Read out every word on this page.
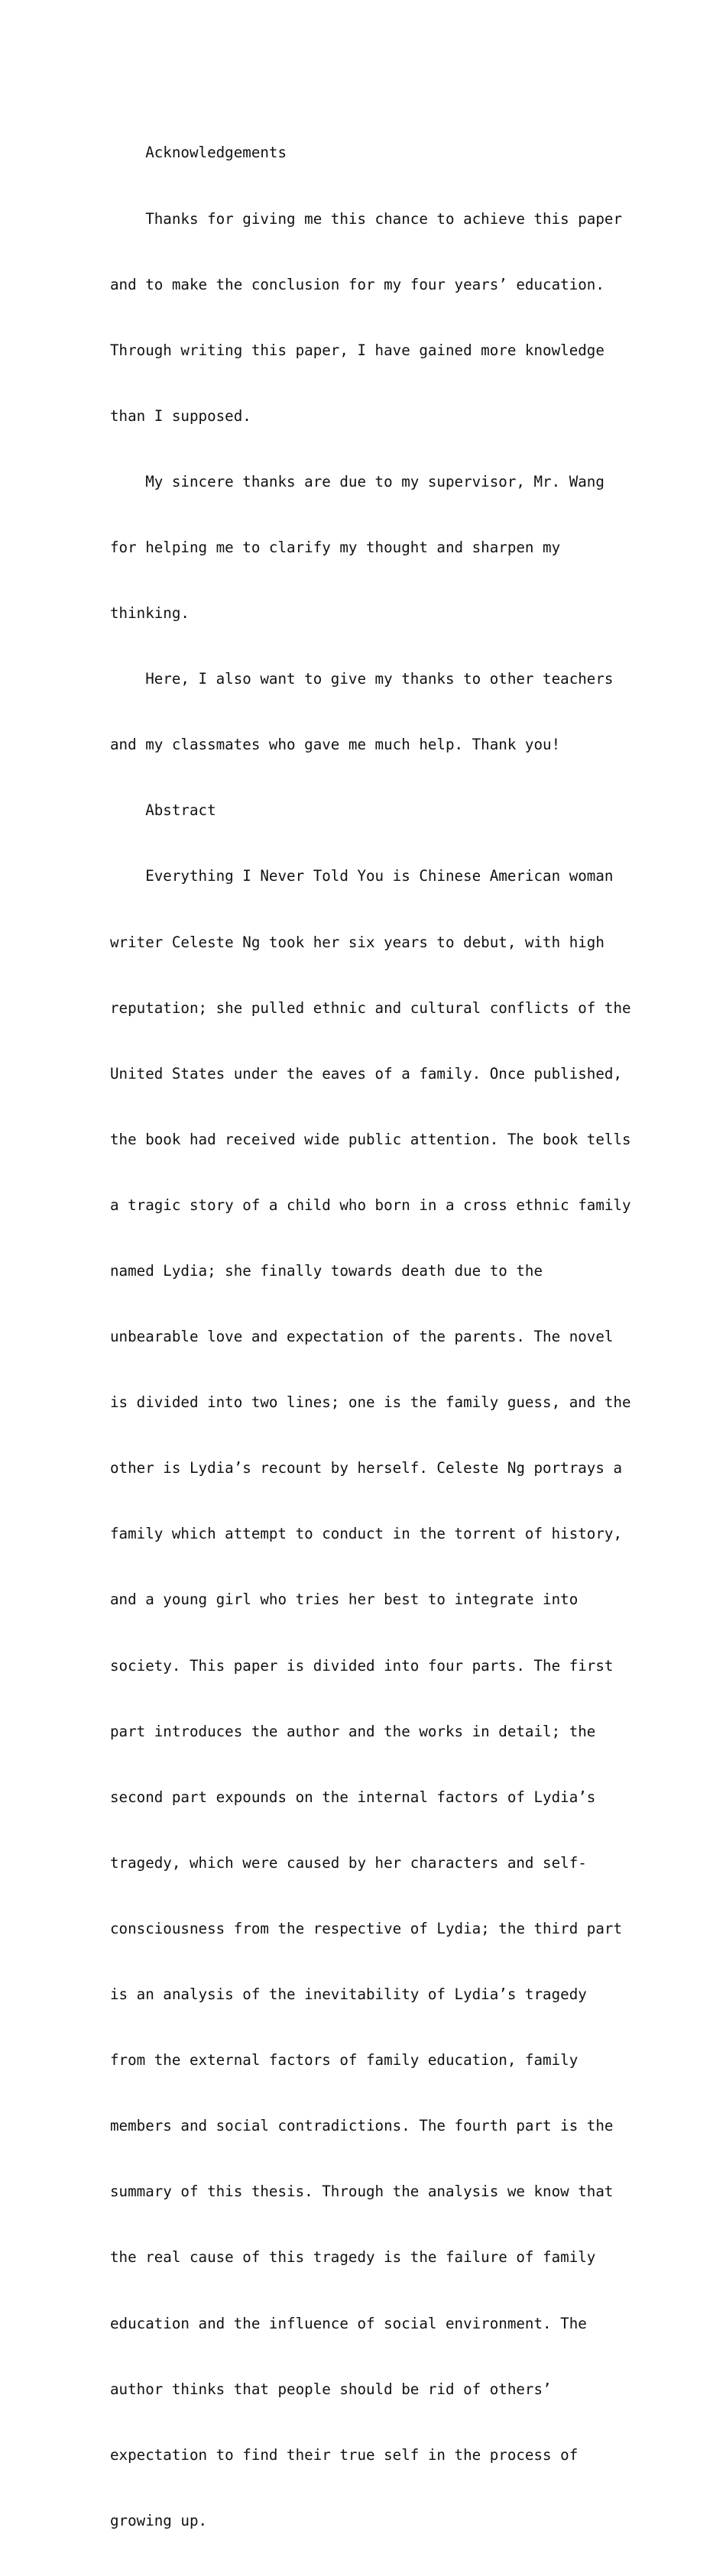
Acknowledgements

Thanks for giving me this chance to achieve this paper

and to make the conclusion for my four years’ education.

Through writing this paper, I have gained more knowledge

than I supposed.

My sincere thanks are due to my supervisor, Mr. Wang

for helping me to clarify my thought and sharpen my

thinking.

Here, I also want to give my thanks to other teachers

and my classmates who gave me much help. Thank you!

Abstract

Everything I Never Told You is Chinese American woman

writer Celeste Ng took her six years to debut, with high

reputation; she pulled ethnic and cultural conflicts of the

United States under the eaves of a family. Once published,

the book had received wide public attention. The book tells

a tragic story of a child who born in a cross ethnic family

named Lydia; she finally towards death due to the

unbearable love and expectation of the parents. The novel

is divided into two lines; one is the family guess, and the

other is Lydia’s recount by herself. Celeste Ng portrays a

family which attempt to conduct in the torrent of history,

and a young girl who tries her best to integrate into

society. This paper is divided into four parts. The first

part introduces the author and the works in detail; the

second part expounds on the internal factors of Lydia’s

tragedy, which were caused by her characters and self-

consciousness from the respective of Lydia; the third part

is an analysis of the inevitability of Lydia’s tragedy

from the external factors of family education, family

members and social contradictions. The fourth part is the

summary of this thesis. Through the analysis we know that

the real cause of this tragedy is the failure of family

education and the influence of social environment. The

author thinks that people should be rid of others’

expectation to find their true self in the process of

growing up.
